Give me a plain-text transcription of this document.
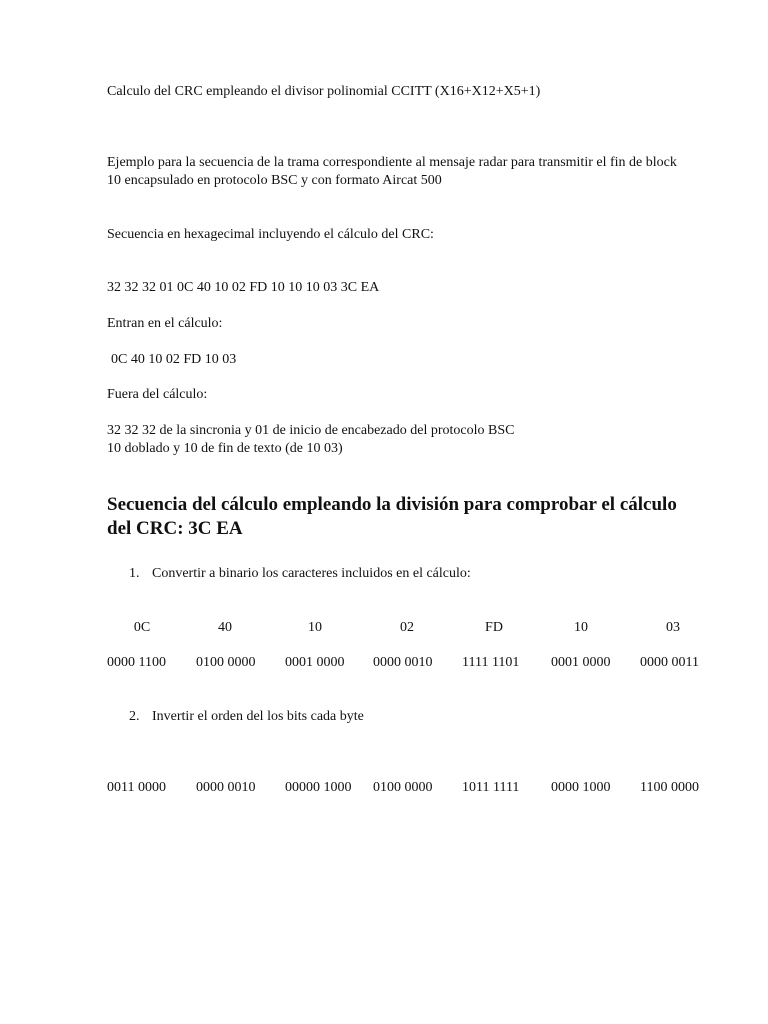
Calculo del CRC empleando el divisor polinomial CCITT (X16+X12+X5+1)
Ejemplo para la secuencia de la trama correspondiente al mensaje radar para transmitir el fin de block
10 encapsulado en protocolo BSC y con formato Aircat 500
Secuencia en hexagecimal incluyendo el cálculo del CRC:
32 32 32 01 0C 40 10 02 FD 10 10 10 03 3C EA
Entran en el cálculo:
0C 40 10 02 FD 10 03
Fuera del cálculo:
32 32 32 de la sincronia y 01 de inicio de encabezado del protocolo BSC
10 doblado y 10 de fin de texto (de 10 03)
Secuencia del cálculo empleando la división para comprobar el cálculo
del CRC: 3C EA
1. Convertir a binario los caracteres incluidos en el cálculo:
0C	40	10	02	FD	10	03
0000 1100	0100 0000	0001 0000	0000 0010	1111 1101	0001 0000	0000 0011
2. Invertir el orden del los bits cada byte
0011 0000	0000 0010	00000 1000	0100 0000	1011 1111	0000 1000	1100 0000
